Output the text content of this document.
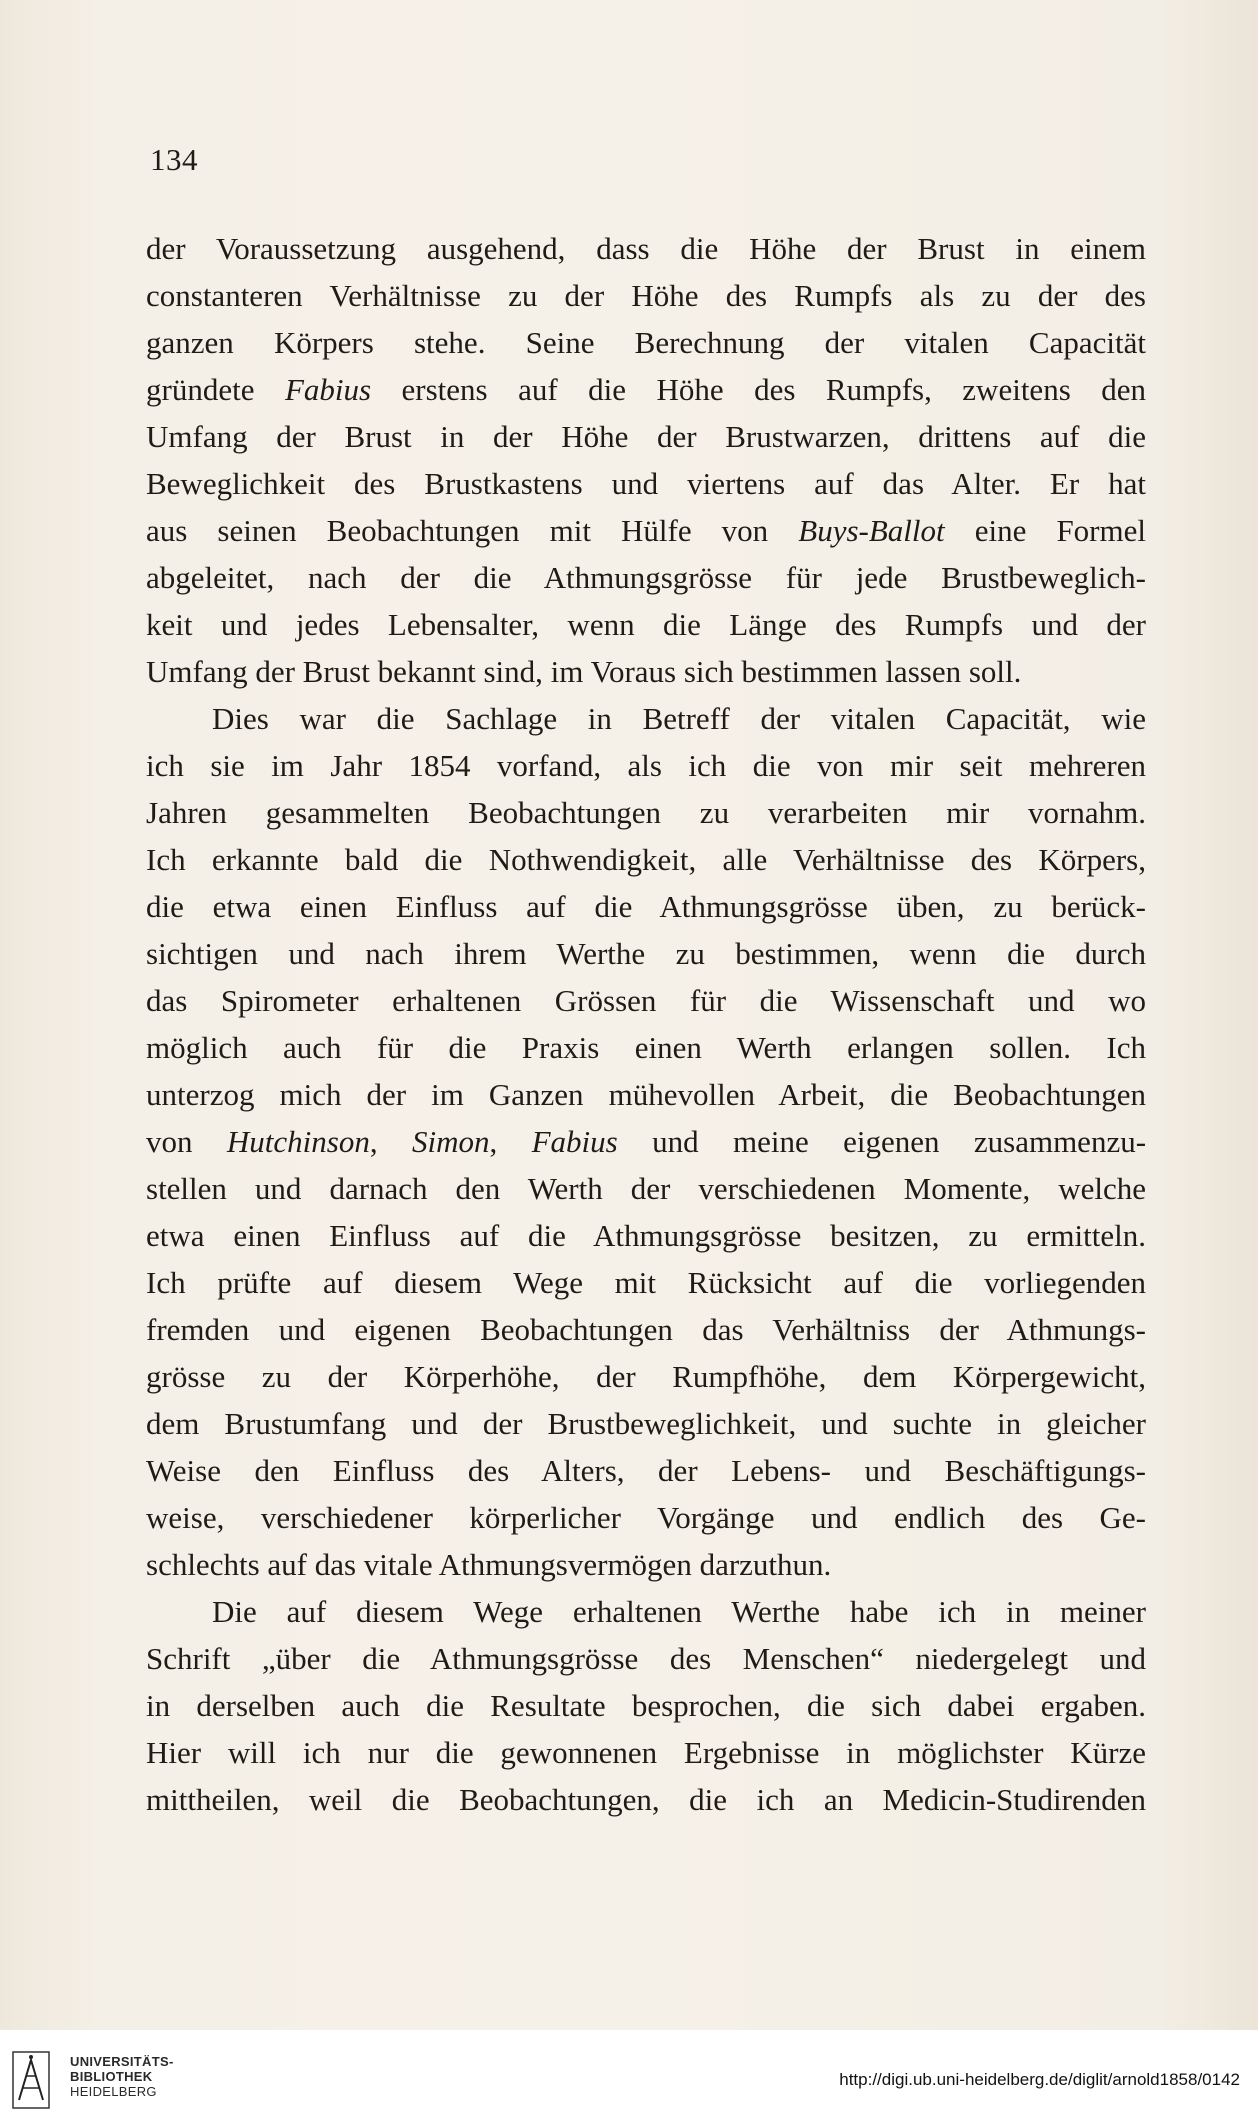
134
der Voraussetzung ausgehend, dass die Höhe der Brust in einem
constanteren Verhältnisse zu der Höhe des Rumpfs als zu der des
ganzen Körpers stehe. Seine Berechnung der vitalen Capacität
gründete Fabius erstens auf die Höhe des Rumpfs, zweitens den
Umfang der Brust in der Höhe der Brustwarzen, drittens auf die
Beweglichkeit des Brustkastens und viertens auf das Alter. Er hat
aus seinen Beobachtungen mit Hülfe von Buys-Ballot eine Formel
abgeleitet, nach der die Athmungsgrösse für jede Brustbeweglich-
keit und jedes Lebensalter, wenn die Länge des Rumpfs und der
Umfang der Brust bekannt sind, im Voraus sich bestimmen lassen soll.
Dies war die Sachlage in Betreff der vitalen Capacität, wie
ich sie im Jahr 1854 vorfand, als ich die von mir seit mehreren
Jahren gesammelten Beobachtungen zu verarbeiten mir vornahm.
Ich erkannte bald die Nothwendigkeit, alle Verhältnisse des Körpers,
die etwa einen Einfluss auf die Athmungsgrösse üben, zu berück-
sichtigen und nach ihrem Werthe zu bestimmen, wenn die durch
das Spirometer erhaltenen Grössen für die Wissenschaft und wo
möglich auch für die Praxis einen Werth erlangen sollen. Ich
unterzog mich der im Ganzen mühevollen Arbeit, die Beobachtungen
von Hutchinson, Simon, Fabius und meine eigenen zusammenzu-
stellen und darnach den Werth der verschiedenen Momente, welche
etwa einen Einfluss auf die Athmungsgrösse besitzen, zu ermitteln.
Ich prüfte auf diesem Wege mit Rücksicht auf die vorliegenden
fremden und eigenen Beobachtungen das Verhältniss der Athmungs-
grösse zu der Körperhöhe, der Rumpfhöhe, dem Körpergewicht,
dem Brustumfang und der Brustbeweglichkeit, und suchte in gleicher
Weise den Einfluss des Alters, der Lebens- und Beschäftigungs-
weise, verschiedener körperlicher Vorgänge und endlich des Ge-
schlechts auf das vitale Athmungsvermögen darzuthun.
Die auf diesem Wege erhaltenen Werthe habe ich in meiner
Schrift „über die Athmungsgrösse des Menschen“ niedergelegt und
in derselben auch die Resultate besprochen, die sich dabei ergaben.
Hier will ich nur die gewonnenen Ergebnisse in möglichster Kürze
mittheilen, weil die Beobachtungen, die ich an Medicin-Studirenden
UNIVERSITÄTS-
BIBLIOTHEK
HEIDELBERG
http://digi.ub.uni-heidelberg.de/diglit/arnold1858/0142
